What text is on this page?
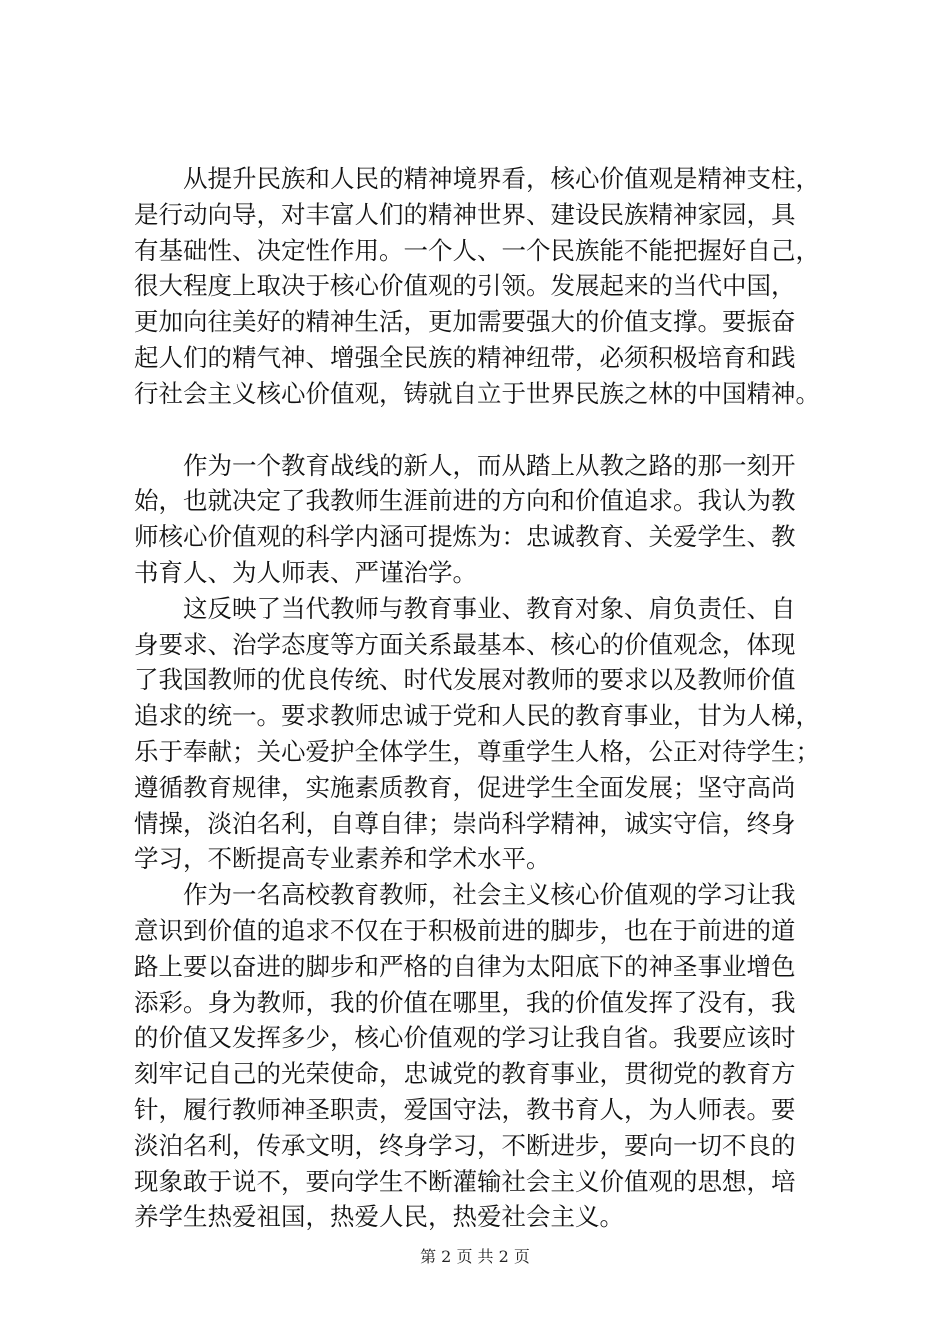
从提升民族和人民的精神境界看，核心价值观是精神支柱，
是行动向导，对丰富人们的精神世界、建设民族精神家园，具
有基础性、决定性作用。一个人、一个民族能不能把握好自己，
很大程度上取决于核心价值观的引领。发展起来的当代中国，
更加向往美好的精神生活，更加需要强大的价值支撑。要振奋
起人们的精气神、增强全民族的精神纽带，必须积极培育和践
行社会主义核心价值观，铸就自立于世界民族之林的中国精神。

作为一个教育战线的新人，而从踏上从教之路的那一刻开
始，也就决定了我教师生涯前进的方向和价值追求。我认为教
师核心价值观的科学内涵可提炼为：忠诚教育、关爱学生、教
书育人、为人师表、严谨治学。

这反映了当代教师与教育事业、教育对象、肩负责任、自
身要求、治学态度等方面关系最基本、核心的价值观念，体现
了我国教师的优良传统、时代发展对教师的要求以及教师价值
追求的统一。要求教师忠诚于党和人民的教育事业，甘为人梯，
乐于奉献；关心爱护全体学生，尊重学生人格，公正对待学生；
遵循教育规律，实施素质教育，促进学生全面发展；坚守高尚
情操，淡泊名利，自尊自律；崇尚科学精神，诚实守信，终身
学习，不断提高专业素养和学术水平。

作为一名高校教育教师，社会主义核心价值观的学习让我
意识到价值的追求不仅在于积极前进的脚步，也在于前进的道
路上要以奋进的脚步和严格的自律为太阳底下的神圣事业增色
添彩。身为教师，我的价值在哪里，我的价值发挥了没有，我
的价值又发挥多少，核心价值观的学习让我自省。我要应该时
刻牢记自己的光荣使命，忠诚党的教育事业，贯彻党的教育方
针，履行教师神圣职责，爱国守法，教书育人，为人师表。要
淡泊名利，传承文明，终身学习，不断进步，要向一切不良的
现象敢于说不，要向学生不断灌输社会主义价值观的思想，培
养学生热爱祖国，热爱人民，热爱社会主义。

第 2 页 共 2 页
